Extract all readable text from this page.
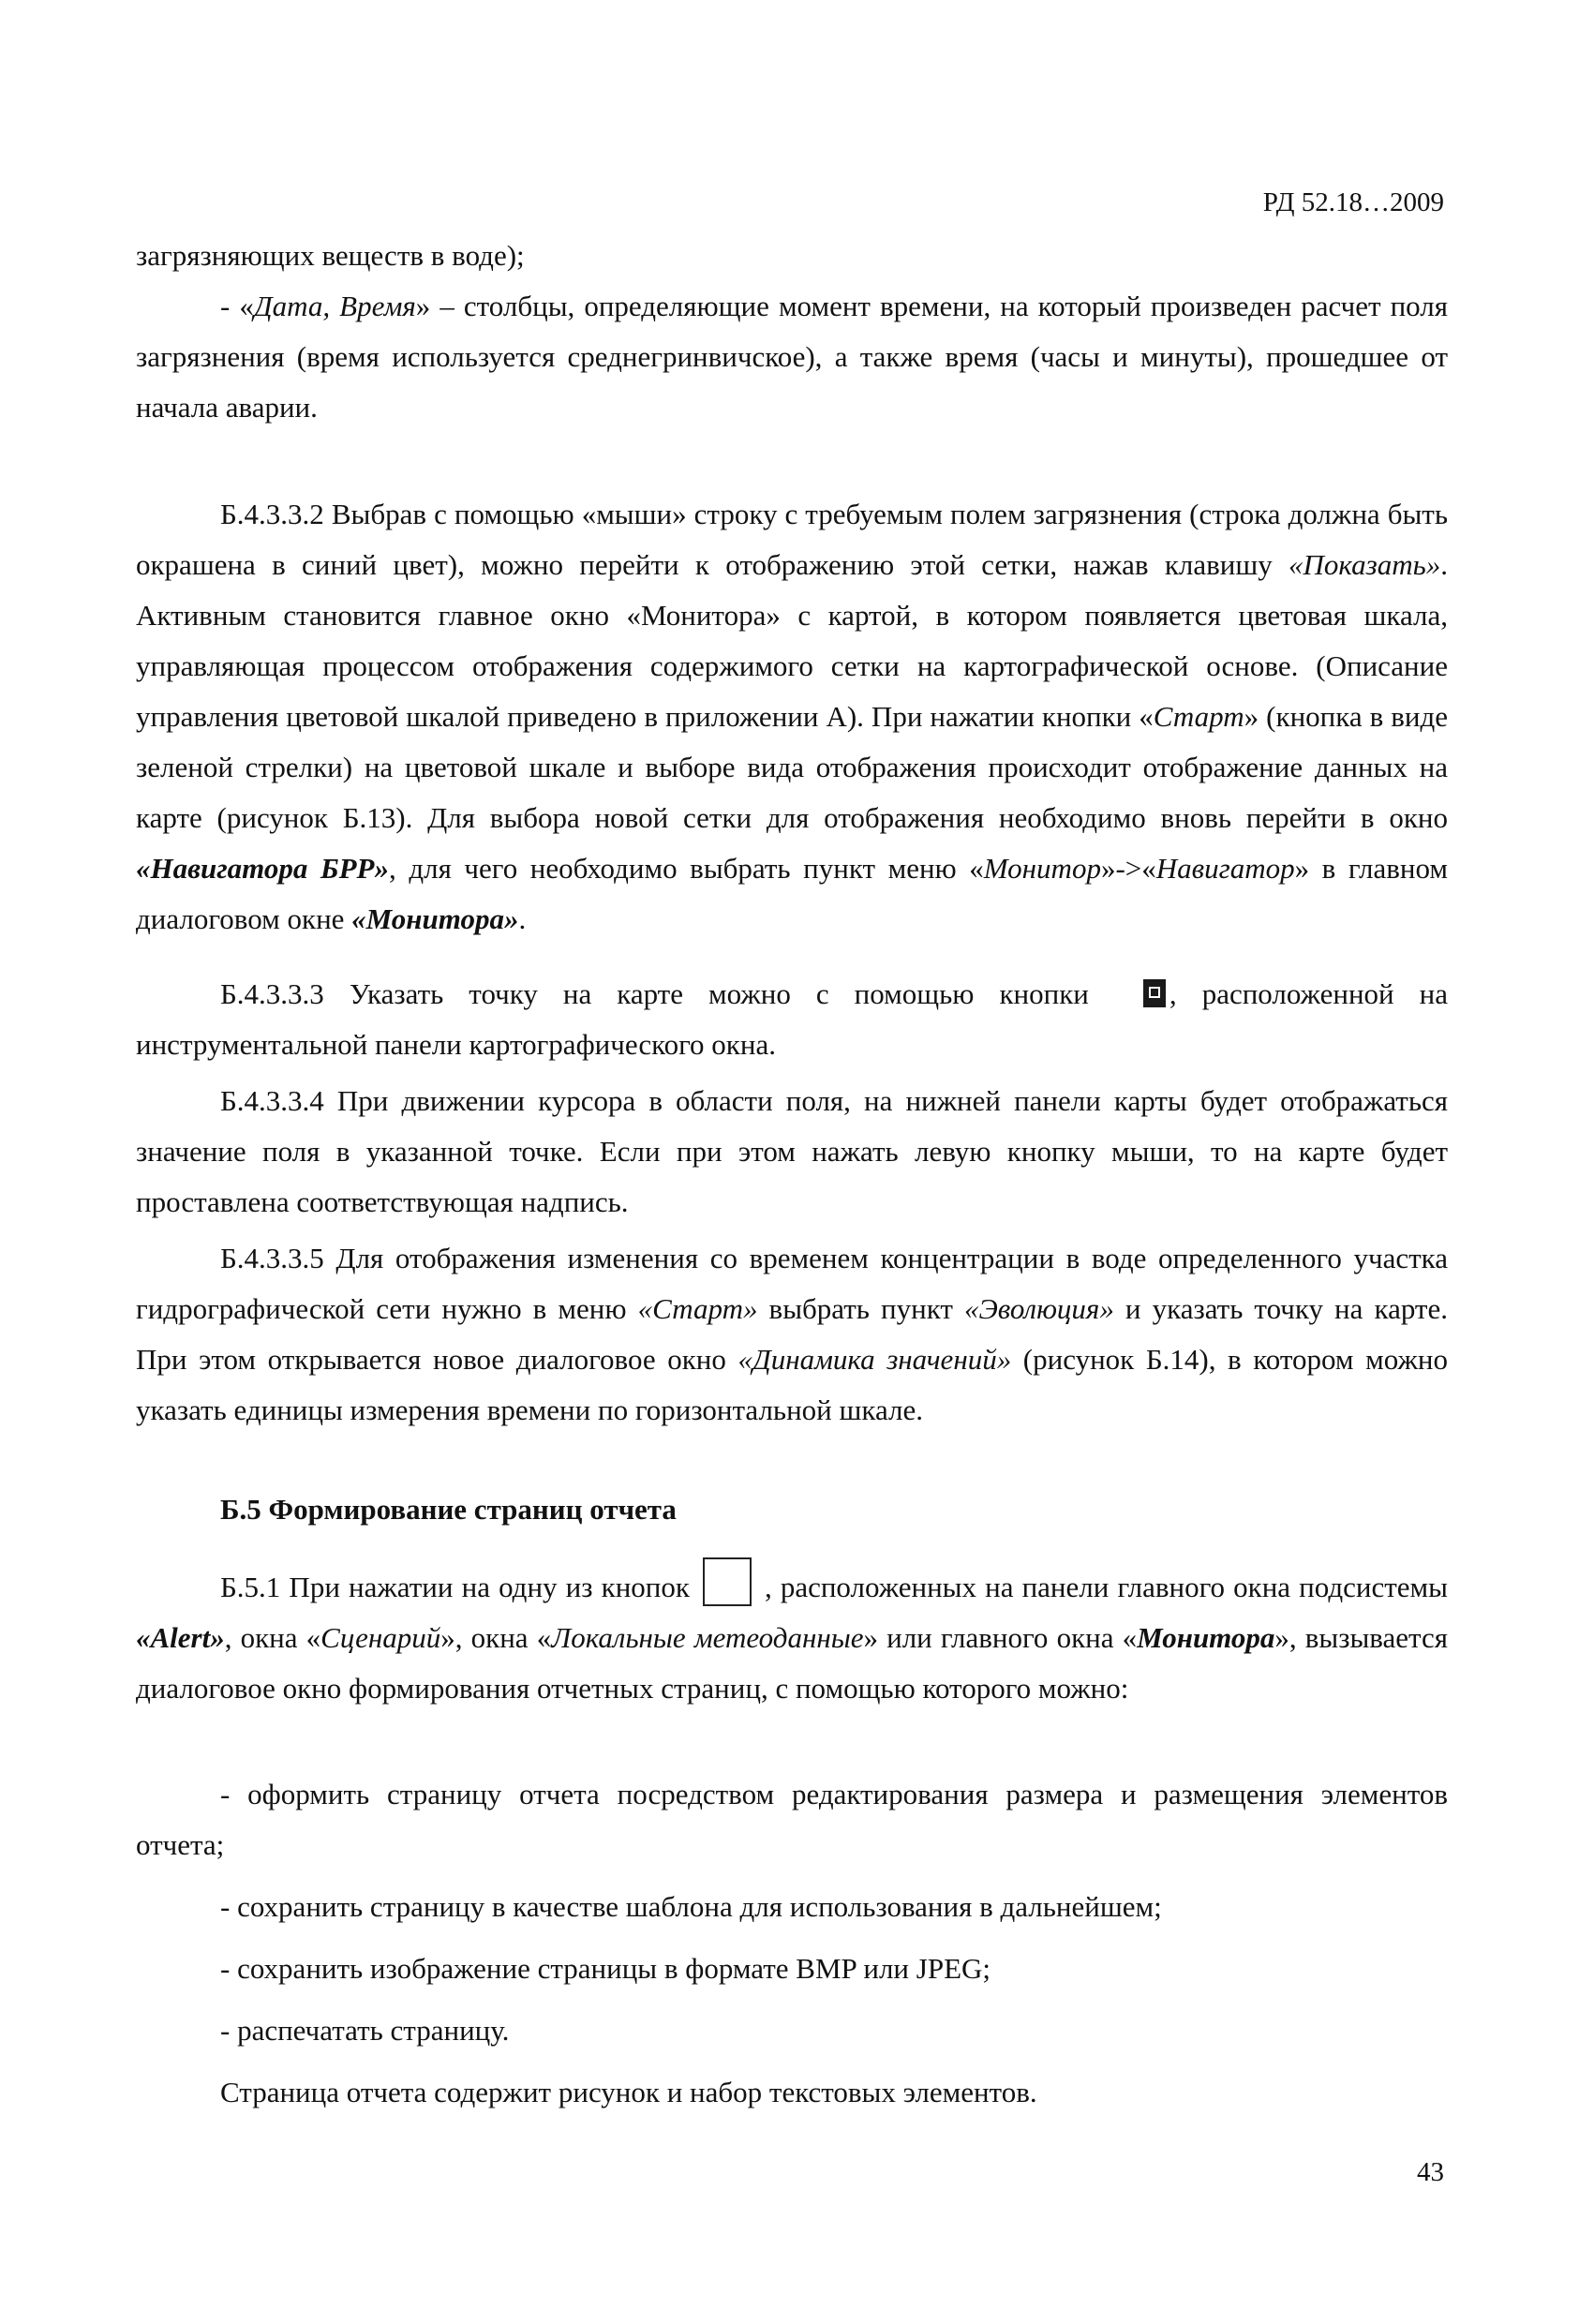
РД 52.18…2009
загрязняющих веществ в воде);
- «Дата, Время» – столбцы, определяющие момент времени, на который произведен расчет поля загрязнения (время используется среднегринвичское), а также время (часы и минуты), прошедшее от начала аварии.
Б.4.3.3.2 Выбрав с помощью «мыши» строку с требуемым полем загрязнения (строка должна быть окрашена в синий цвет), можно перейти к отображению этой сетки, нажав клавишу «Показать». Активным становится главное окно «Монитора» с картой, в котором появляется цветовая шкала, управляющая процессом отображения содержимого сетки на картографической основе. (Описание управления цветовой шкалой приведено в приложении А). При нажатии кнопки «Старт» (кнопка в виде зеленой стрелки) на цветовой шкале и выборе вида отображения происходит отображение данных на карте (рисунок Б.13). Для выбора новой сетки для отображения необходимо вновь перейти в окно «Навигатора БРР», для чего необходимо выбрать пункт меню «Монитор»->«Навигатор» в главном диалоговом окне «Монитора».
Б.4.3.3.3 Указать точку на карте можно с помощью кнопки	, расположенной на инструментальной панели картографического окна.
Б.4.3.3.4 При движении курсора в области поля, на нижней панели карты будет отображаться значение поля в указанной точке. Если при этом нажать левую кнопку мыши, то на карте будет проставлена соответствующая надпись.
Б.4.3.3.5 Для отображения изменения со временем концентрации в воде определенного участка гидрографической сети нужно в меню «Старт» выбрать пункт «Эволюция» и указать точку на карте. При этом открывается новое диалоговое окно «Динамика значений» (рисунок Б.14), в котором можно указать единицы измерения времени по горизонтальной шкале.
Б.5 Формирование страниц отчета
Б.5.1 При нажатии на одну из кнопок	, расположенных на панели главного окна подсистемы «Alert», окна «Сценарий», окна «Локальные метеоданные» или главного окна «Монитора», вызывается диалоговое окно формирования отчетных страниц, с помощью которого можно:
- оформить страницу отчета посредством редактирования размера и размещения элементов отчета;
- сохранить страницу в качестве шаблона для использования в дальнейшем;
- сохранить изображение страницы в формате BMP или JPEG;
- распечатать страницу.
Страница отчета содержит рисунок и набор текстовых элементов.
43
